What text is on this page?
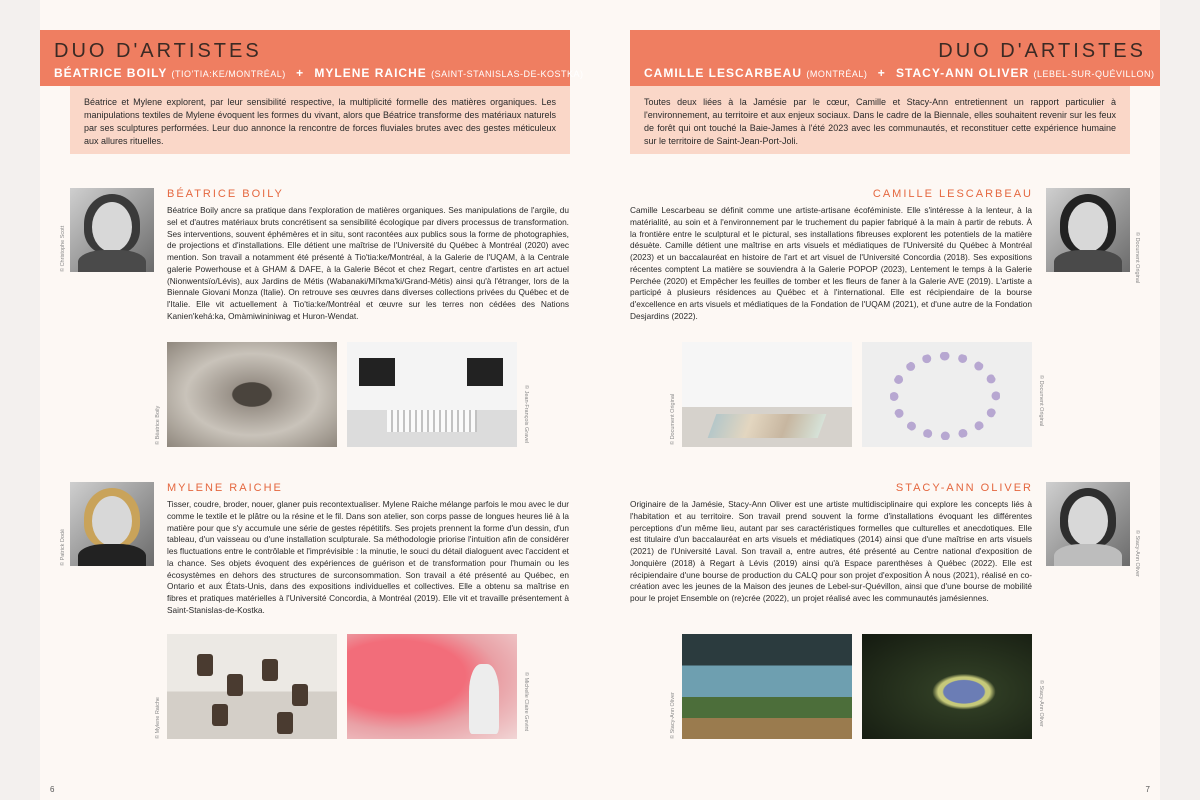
DUO D'ARTISTES
BÉATRICE BOILY (TIO'TIA:KE/MONTRÉAL) + MYLENE RAICHE (SAINT-STANISLAS-DE-KOSTKA)
Béatrice et Mylene explorent, par leur sensibilité respective, la multiplicité formelle des matières organiques. Les manipulations textiles de Mylene évoquent les formes du vivant, alors que Béatrice transforme des matériaux naturels par ses sculptures performées. Leur duo annonce la rencontre de forces fluviales brutes avec des gestes méticuleux aux allures rituelles.
© Christophe Scott
BÉATRICE BOILY
Béatrice Boily ancre sa pratique dans l'exploration de matières organiques. Ses manipulations de l'argile, du sel et d'autres matériaux bruts concrétisent sa sensibilité écologique par divers processus de transformation. Ses interventions, souvent éphémères et in situ, sont racontées aux publics sous la forme de photographies, de projections et d'installations. Elle détient une maîtrise de l'Université du Québec à Montréal (2020) avec mention. Son travail a notamment été présenté à Tio'tia:ke/Montréal, à la Galerie de l'UQAM, à la Centrale galerie Powerhouse et à GHAM & DAFE, à la Galerie Bécot et chez Regart, centre d'artistes en art actuel (Nionwentsïo/Lévis), aux Jardins de Métis (Wabanaki/Mi'kma'ki/Grand-Métis) ainsi qu'à l'étranger, lors de la Biennale Giovani Monza (Italie). On retrouve ses œuvres dans diverses collections privées du Québec et de l'Italie. Elle vit actuellement à Tio'tia:ke/Montréal et œuvre sur les terres non cédées des Nations Kanien'kehá:ka, Omàmiwininiwag et Huron-Wendat.
© Béatrice Boily	© Jean-François Gravel
© Patrick Dodé
MYLENE RAICHE
Tisser, coudre, broder, nouer, glaner puis recontextualiser. Mylene Raiche mélange parfois le mou avec le dur comme le textile et le plâtre ou la résine et le fil. Dans son atelier, son corps passe de longues heures lié à la matière pour que s'y accumule une série de gestes répétitifs. Ses projets prennent la forme d'un dessin, d'un tableau, d'un vaisseau ou d'une installation sculpturale. Sa méthodologie priorise l'intuition afin de considérer les fluctuations entre le contrôlable et l'imprévisible : la minutie, le souci du détail dialoguent avec l'accident et la chance. Ses objets évoquent des expériences de guérison et de transformation pour l'humain ou les écosystèmes en dehors des structures de surconsommation. Son travail a été présenté au Québec, en Ontario et aux États-Unis, dans des expositions individuelles et collectives. Elle a obtenu sa maîtrise en fibres et pratiques matérielles à l'Université Concordia, à Montréal (2019). Elle vit et travaille présentement à Saint-Stanislas-de-Kostka.
© Mylene Raiche	© Michelle Claire Gevint
6
DUO D'ARTISTES
CAMILLE LESCARBEAU (MONTRÉAL) + STACY-ANN OLIVER (LEBEL-SUR-QUÉVILLON)
Toutes deux liées à la Jamésie par le cœur, Camille et Stacy-Ann entretiennent un rapport particulier à l'environnement, au territoire et aux enjeux sociaux. Dans le cadre de la Biennale, elles souhaitent revenir sur les feux de forêt qui ont touché la Baie-James à l'été 2023 avec les communautés, et reconstituer cette expérience humaine sur le territoire de Saint-Jean-Port-Joli.
CAMILLE LESCARBEAU
Camille Lescarbeau se définit comme une artiste-artisane écoféministe. Elle s'intéresse à la lenteur, à la matérialité, au soin et à l'environnement par le truchement du papier fabriqué à la main à partir de rebuts. À la frontière entre le sculptural et le pictural, ses installations fibreuses explorent les potentiels de la matière désuète. Camille détient une maîtrise en arts visuels et médiatiques de l'Université du Québec à Montréal (2023) et un baccalauréat en histoire de l'art et art visuel de l'Université Concordia (2018). Ses expositions récentes comptent La matière se souviendra à la Galerie POPOP (2023), Lentement le temps à la Galerie Perchée (2020) et Empêcher les feuilles de tomber et les fleurs de faner à la Galerie AVE (2019). L'artiste a participé à plusieurs résidences au Québec et à l'international. Elle est récipiendaire de la bourse d'excellence en arts visuels et médiatiques de la Fondation de l'UQAM (2021), et d'une autre de la Fondation Desjardins (2022).
© Document Original
© Document Original	© Document Original
STACY-ANN OLIVER
Originaire de la Jamésie, Stacy-Ann Oliver est une artiste multidisciplinaire qui explore les concepts liés à l'habitation et au territoire. Son travail prend souvent la forme d'installations évoquant les différentes perceptions d'un même lieu, autant par ses caractéristiques formelles que culturelles et anecdotiques. Elle est titulaire d'un baccalauréat en arts visuels et médiatiques (2014) ainsi que d'une maîtrise en arts visuels (2021) de l'Université Laval. Son travail a, entre autres, été présenté au Centre national d'exposition de Jonquière (2018) à Regart à Lévis (2019) ainsi qu'à Espace parenthèses à Québec (2022). Elle est récipiendaire d'une bourse de production du CALQ pour son projet d'exposition À nous (2021), réalisé en co-création avec les jeunes de la Maison des jeunes de Lebel-sur-Quévillon, ainsi que d'une bourse de mobilité pour le projet Ensemble on (re)crée (2022), un projet réalisé avec les communautés jamésiennes.
© Stacy-Ann Oliver
© Stacy-Ann Oliver	© Stacy-Ann Oliver
7
